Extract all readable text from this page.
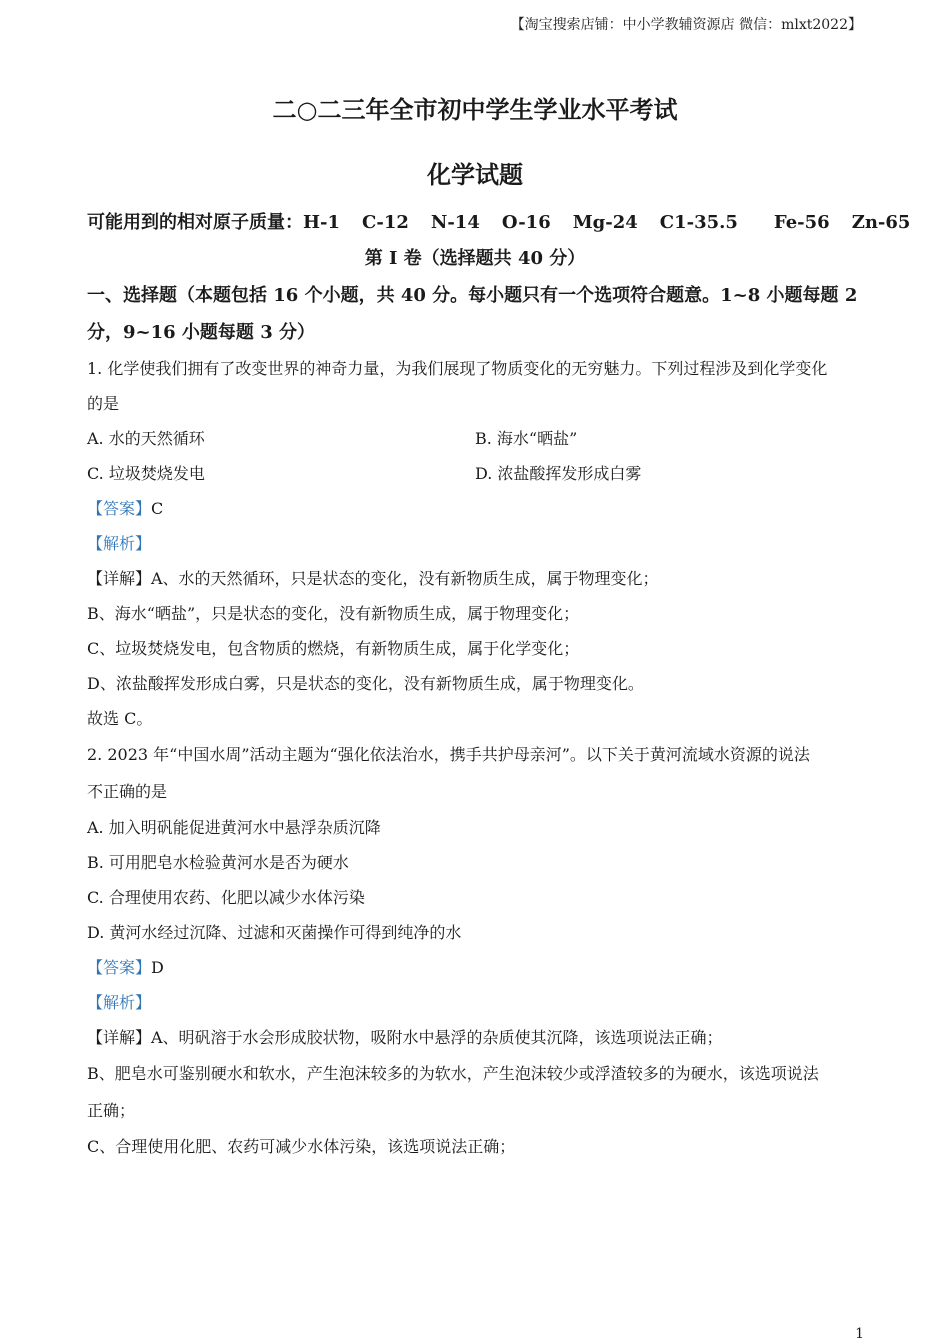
【淘宝搜索店铺：中小学教辅资源店 微信：mlxt2022】
二○二三年全市初中学生学业水平考试
化学试题
可能用到的相对原子质量：H-1 C-12 N-14 O-16 Mg-24 C1-35.5 Fe-56 Zn-65
第 I 卷（选择题共 40 分）
一、选择题（本题包括 16 个小题，共 40 分。每小题只有一个选项符合题意。1~8 小题每题 2
分，9~16 小题每题 3 分）
1. 化学使我们拥有了改变世界的神奇力量，为我们展现了物质变化的无穷魅力。下列过程涉及到化学变化
的是
A. 水的天然循环	B. 海水“晒盐”
C. 垃圾焚烧发电	D. 浓盐酸挥发形成白雾
【答案】C
【解析】
【详解】A、水的天然循环，只是状态的变化，没有新物质生成，属于物理变化；
B、海水“晒盐”，只是状态的变化，没有新物质生成，属于物理变化；
C、垃圾焚烧发电，包含物质的燃烧，有新物质生成，属于化学变化；
D、浓盐酸挥发形成白雾，只是状态的变化，没有新物质生成，属于物理变化。
故选 C。
2. 2023 年“中国水周”活动主题为“强化依法治水，携手共护母亲河”。以下关于黄河流域水资源的说法
不正确的是
A. 加入明矾能促进黄河水中悬浮杂质沉降
B. 可用肥皂水检验黄河水是否为硬水
C. 合理使用农药、化肥以减少水体污染
D. 黄河水经过沉降、过滤和灭菌操作可得到纯净的水
【答案】D
【解析】
【详解】A、明矾溶于水会形成胶状物，吸附水中悬浮的杂质使其沉降，该选项说法正确；
B、肥皂水可鉴别硬水和软水，产生泡沫较多的为软水，产生泡沫较少或浮渣较多的为硬水，该选项说法
正确；
C、合理使用化肥、农药可减少水体污染，该选项说法正确；
1
